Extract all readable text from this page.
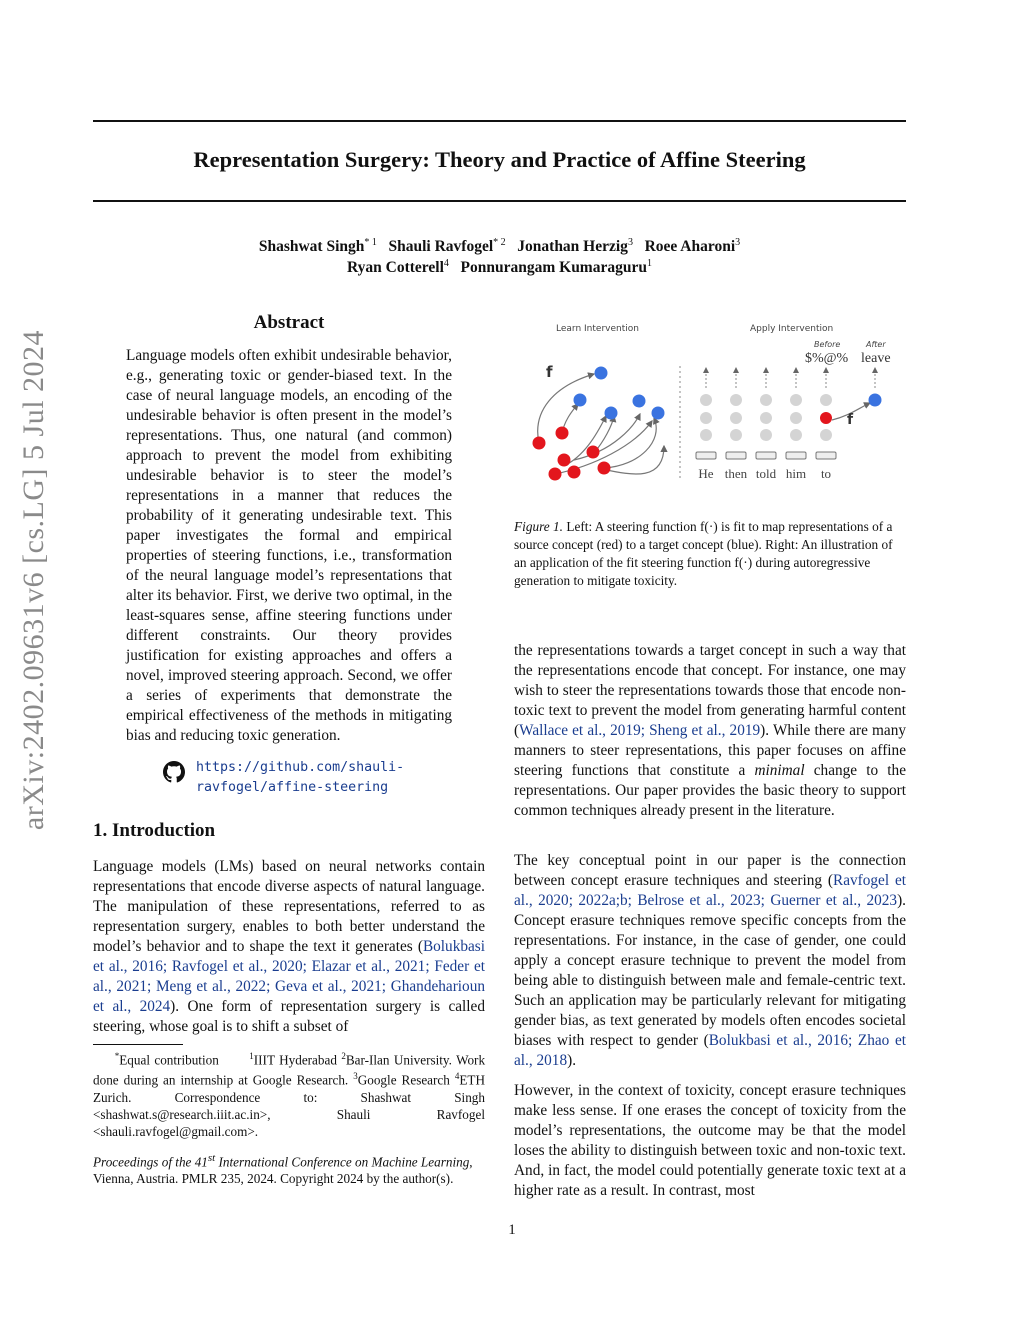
arXiv:2402.09631v6 [cs.LG] 5 Jul 2024
Representation Surgery: Theory and Practice of Affine Steering
Shashwat Singh$^{* 1}$ Shauli Ravfogel$^{* 2}$ Jonathan Herzig$^3$ Roee Aharoni$^3$
Ryan Cotterell$^4$ Ponnurangam Kumaraguru$^1$
Abstract
Language models often exhibit undesirable behavior, e.g., generating toxic or gender-biased text. In the case of neural language models, an encoding of the undesirable behavior is often present in the model’s representations. Thus, one natural (and common) approach to prevent the model from exhibiting undesirable behavior is to steer the model’s representations in a manner that reduces the probability of it generating undesirable text. This paper investigates the formal and empirical properties of steering functions, i.e., transformation of the neural language model’s representations that alter its behavior. First, we derive two optimal, in the least-squares sense, affine steering functions under different constraints. Our theory provides justification for existing approaches and offers a novel, improved steering approach. Second, we offer a series of experiments that demonstrate the empirical effectiveness of the methods in mitigating bias and reducing toxic generation.
https://github.com/shauli-
ravfogel/affine-steering
1. Introduction
Language models (LMs) based on neural networks contain representations that encode diverse aspects of natural language. The manipulation of these representations, referred to as representation surgery, enables to both better understand the model’s behavior and to shape the text it generates (Bolukbasi et al., 2016; Ravfogel et al., 2020; Elazar et al., 2021; Feder et al., 2021; Meng et al., 2022; Geva et al., 2021; Ghandeharioun et al., 2024). One form of representation surgery is called steering, whose goal is to shift a subset of
*Equal contribution	$^1$IIIT Hyderabad $^2$Bar-Ilan University. Work done during an internship at Google Research. $^3$Google Research $^4$ETH Zurich. Correspondence to: Shashwat Singh <shashwat.s@research.iiit.ac.in>, Shauli Ravfogel <shauli.ravfogel@gmail.com>.
Proceedings of the 41st International Conference on Machine Learning, Vienna, Austria. PMLR 235, 2024. Copyright 2024 by the author(s).
Learn Intervention	Apply Intervention
Before	After
$%@% leave
f
He then told him to
f
Figure 1. Left: A steering function f(·) is fit to map representations of a source concept (red) to a target concept (blue). Right: An illustration of an application of the fit steering function f(·) during autoregressive generation to mitigate toxicity.
the representations towards a target concept in such a way that the representations encode that concept. For instance, one may wish to steer the representations towards those that encode non-toxic text to prevent the model from generating harmful content (Wallace et al., 2019; Sheng et al., 2019). While there are many manners to steer representations, this paper focuses on affine steering functions that constitute a minimal change to the representations. Our paper provides the basic theory to support common techniques already present in the literature.
The key conceptual point in our paper is the connection between concept erasure techniques and steering (Ravfogel et al., 2020; 2022a;b; Belrose et al., 2023; Guerner et al., 2023). Concept erasure techniques remove specific concepts from the representations. For instance, in the case of gender, one could apply a concept erasure technique to prevent the model from being able to distinguish between male and female-centric text. Such an application may be particularly relevant for mitigating gender bias, as text generated by models often encodes societal biases with respect to gender (Bolukbasi et al., 2016; Zhao et al., 2018).
However, in the context of toxicity, concept erasure techniques make less sense. If one erases the concept of toxicity from the model’s representations, the outcome may be that the model loses the ability to distinguish between toxic and non-toxic text. And, in fact, the model could potentially generate toxic text at a higher rate as a result. In contrast, most
1
